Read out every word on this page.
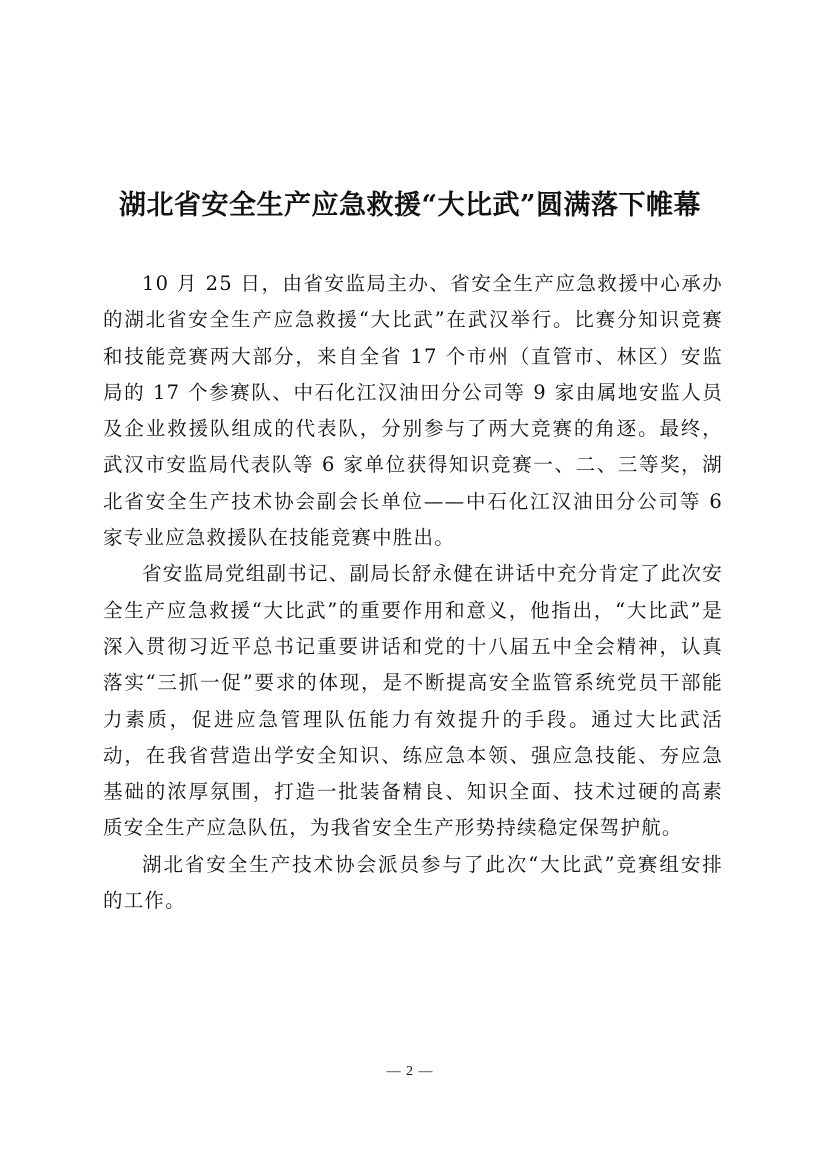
湖北省安全生产应急救援“大比武”圆满落下帷幕

10 月 25 日，由省安监局主办、省安全生产应急救援中心承办的湖北省安全生产应急救援“大比武”在武汉举行。比赛分知识竞赛和技能竞赛两大部分，来自全省 17 个市州（直管市、林区）安监局的 17 个参赛队、中石化江汉油田分公司等 9 家由属地安监人员及企业救援队组成的代表队，分别参与了两大竞赛的角逐。最终，武汉市安监局代表队等 6 家单位获得知识竞赛一、二、三等奖，湖北省安全生产技术协会副会长单位——中石化江汉油田分公司等 6 家专业应急救援队在技能竞赛中胜出。

省安监局党组副书记、副局长舒永健在讲话中充分肯定了此次安全生产应急救援“大比武”的重要作用和意义，他指出，“大比武”是深入贯彻习近平总书记重要讲话和党的十八届五中全会精神，认真落实“三抓一促”要求的体现，是不断提高安全监管系统党员干部能力素质，促进应急管理队伍能力有效提升的手段。通过大比武活动，在我省营造出学安全知识、练应急本领、强应急技能、夯应急基础的浓厚氛围，打造一批装备精良、知识全面、技术过硬的高素质安全生产应急队伍，为我省安全生产形势持续稳定保驾护航。

湖北省安全生产技术协会派员参与了此次“大比武”竞赛组安排的工作。

— 2 —
